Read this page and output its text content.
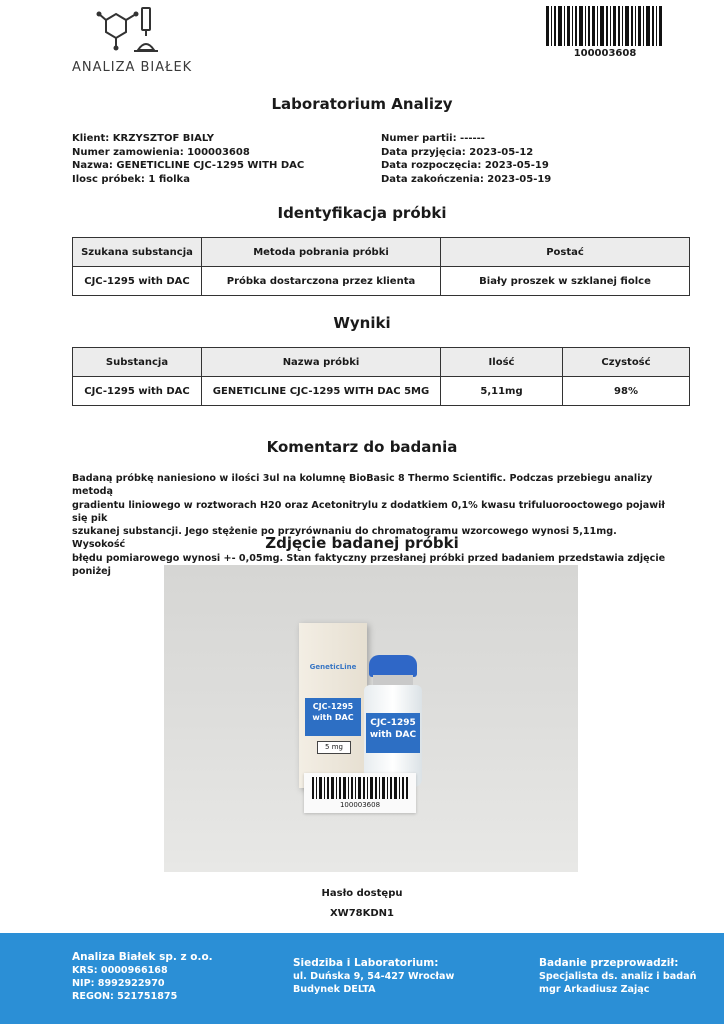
ANALIZA BIAŁEK
100003608
Laboratorium Analizy
Klient: KRZYSZTOF BIALY
Numer zamowienia: 100003608
Nazwa: GENETICLINE CJC-1295 WITH DAC
Ilosc próbek: 1 fiolka
Numer partii: ------
Data przyjęcia: 2023-05-12
Data rozpoczęcia: 2023-05-19
Data zakończenia: 2023-05-19
Identyfikacja próbki
Szukana substancja	Metoda pobrania próbki	Postać
CJC-1295 with DAC	Próbka dostarczona przez klienta	Biały proszek w szklanej fiolce
Wyniki
Substancja	Nazwa próbki	Ilość	Czystość
CJC-1295 with DAC	GENETICLINE CJC-1295 WITH DAC 5MG	5,11mg	98%
Komentarz do badania
Badaną próbkę naniesiono w ilości 3ul na kolumnę BioBasic 8 Thermo Scientific. Podczas przebiegu analizy metodą
gradientu liniowego w roztworach H20 oraz Acetonitrylu z dodatkiem 0,1% kwasu trifuluorooctowego pojawił się pik
szukanej substancji. Jego stężenie po przyrównaniu do chromatogramu wzorcowego wynosi 5,11mg. Wysokość
błędu pomiarowego wynosi +- 0,05mg. Stan faktyczny przesłanej próbki przed badaniem przedstawia zdjęcie poniżej
Zdjęcie badanej próbki
GeneticLine
CJC-1295 with DAC
5 mg
CJC-1295 with DAC
100003608
Hasło dostępu
XW78KDN1
Analiza Białek sp. z o.o.
KRS: 0000966168
NIP: 8992922970
REGON: 521751875
Siedziba i Laboratorium:
ul. Duńska 9, 54-427 Wrocław
Budynek DELTA
Badanie przeprowadził:
Specjalista ds. analiz i badań
mgr Arkadiusz Zając
